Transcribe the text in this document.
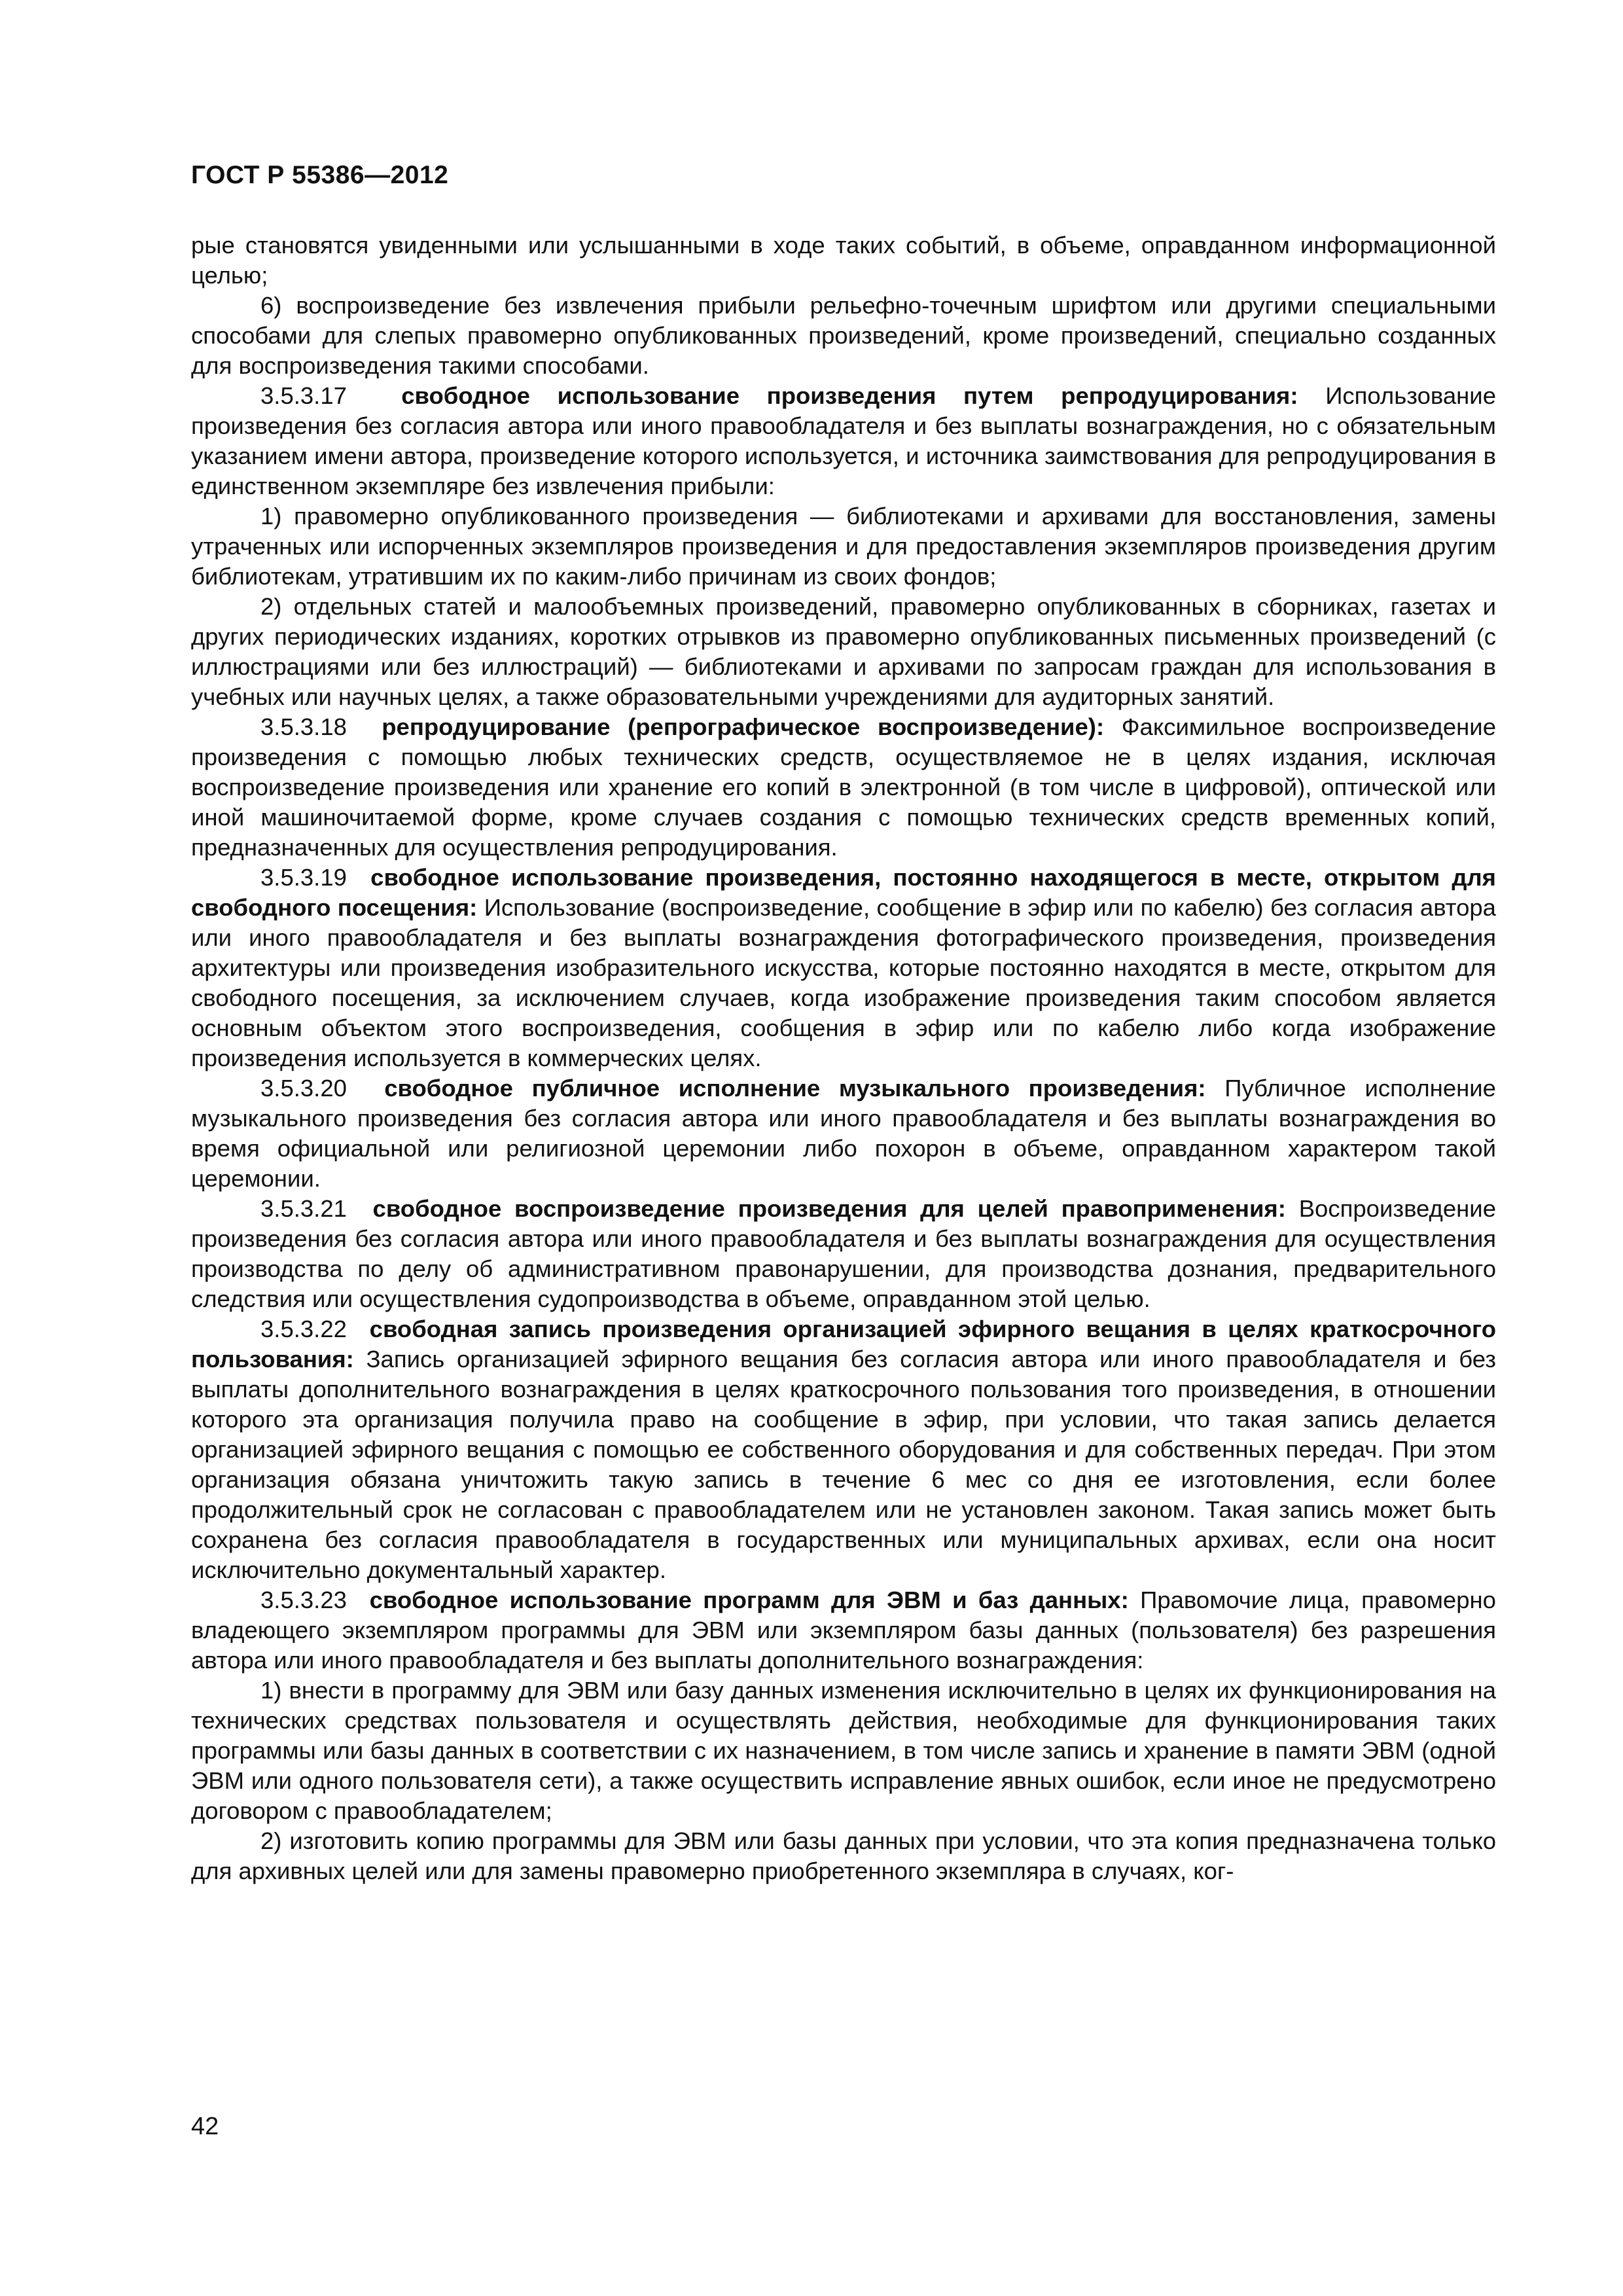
ГОСТ Р 55386—2012

рые становятся увиденными или услышанными в ходе таких событий, в объеме, оправданном информационной целью;

6) воспроизведение без извлечения прибыли рельефно-точечным шрифтом или другими специальными способами для слепых правомерно опубликованных произведений, кроме произведений, специально созданных для воспроизведения такими способами.

3.5.3.17 свободное использование произведения путем репродуцирования: Использование произведения без согласия автора или иного правообладателя и без выплаты вознаграждения, но с обязательным указанием имени автора, произведение которого используется, и источника заимствования для репродуцирования в единственном экземпляре без извлечения прибыли:

1) правомерно опубликованного произведения — библиотеками и архивами для восстановления, замены утраченных или испорченных экземпляров произведения и для предоставления экземпляров произведения другим библиотекам, утратившим их по каким-либо причинам из своих фондов;

2) отдельных статей и малообъемных произведений, правомерно опубликованных в сборниках, газетах и других периодических изданиях, коротких отрывков из правомерно опубликованных письменных произведений (с иллюстрациями или без иллюстраций) — библиотеками и архивами по запросам граждан для использования в учебных или научных целях, а также образовательными учреждениями для аудиторных занятий.

3.5.3.18 репродуцирование (репрографическое воспроизведение): Факсимильное воспроизведение произведения с помощью любых технических средств, осуществляемое не в целях издания, исключая воспроизведение произведения или хранение его копий в электронной (в том числе в цифровой), оптической или иной машиночитаемой форме, кроме случаев создания с помощью технических средств временных копий, предназначенных для осуществления репродуцирования.

3.5.3.19 свободное использование произведения, постоянно находящегося в месте, открытом для свободного посещения: Использование (воспроизведение, сообщение в эфир или по кабелю) без согласия автора или иного правообладателя и без выплаты вознаграждения фотографического произведения, произведения архитектуры или произведения изобразительного искусства, которые постоянно находятся в месте, открытом для свободного посещения, за исключением случаев, когда изображение произведения таким способом является основным объектом этого воспроизведения, сообщения в эфир или по кабелю либо когда изображение произведения используется в коммерческих целях.

3.5.3.20 свободное публичное исполнение музыкального произведения: Публичное исполнение музыкального произведения без согласия автора или иного правообладателя и без выплаты вознаграждения во время официальной или религиозной церемонии либо похорон в объеме, оправданном характером такой церемонии.

3.5.3.21 свободное воспроизведение произведения для целей правоприменения: Воспроизведение произведения без согласия автора или иного правообладателя и без выплаты вознаграждения для осуществления производства по делу об административном правонарушении, для производства дознания, предварительного следствия или осуществления судопроизводства в объеме, оправданном этой целью.

3.5.3.22 свободная запись произведения организацией эфирного вещания в целях краткосрочного пользования: Запись организацией эфирного вещания без согласия автора или иного правообладателя и без выплаты дополнительного вознаграждения в целях краткосрочного пользования того произведения, в отношении которого эта организация получила право на сообщение в эфир, при условии, что такая запись делается организацией эфирного вещания с помощью ее собственного оборудования и для собственных передач. При этом организация обязана уничтожить такую запись в течение 6 мес со дня ее изготовления, если более продолжительный срок не согласован с правообладателем или не установлен законом. Такая запись может быть сохранена без согласия правообладателя в государственных или муниципальных архивах, если она носит исключительно документальный характер.

3.5.3.23 свободное использование программ для ЭВМ и баз данных: Правомочие лица, правомерно владеющего экземпляром программы для ЭВМ или экземпляром базы данных (пользователя) без разрешения автора или иного правообладателя и без выплаты дополнительного вознаграждения:

1) внести в программу для ЭВМ или базу данных изменения исключительно в целях их функционирования на технических средствах пользователя и осуществлять действия, необходимые для функционирования таких программы или базы данных в соответствии с их назначением, в том числе запись и хранение в памяти ЭВМ (одной ЭВМ или одного пользователя сети), а также осуществить исправление явных ошибок, если иное не предусмотрено договором с правообладателем;

2) изготовить копию программы для ЭВМ или базы данных при условии, что эта копия предназначена только для архивных целей или для замены правомерно приобретенного экземпляра в случаях, ког-

42
